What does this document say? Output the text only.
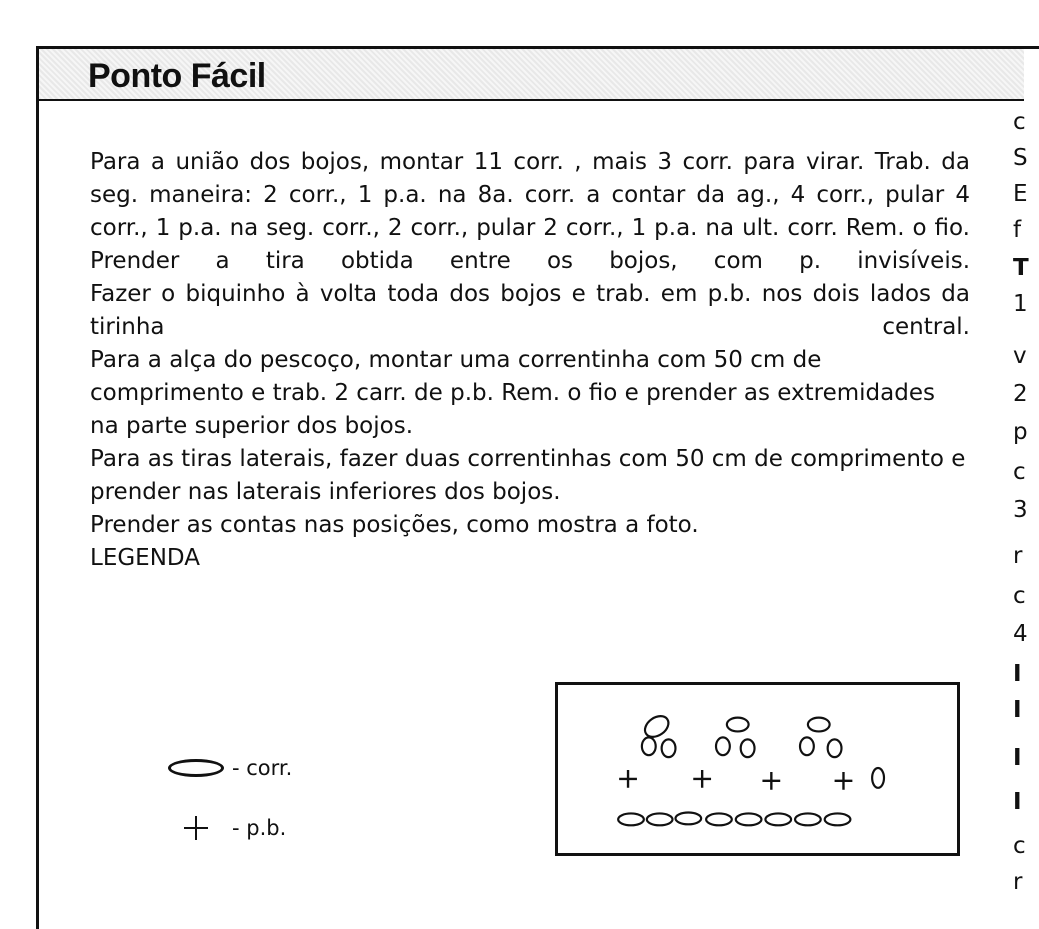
Ponto Fácil

Para a união dos bojos, montar 11 corr. , mais 3 corr. para virar. Trab. da seg. maneira: 2 corr., 1 p.a. na 8a. corr. a contar da ag., 4 corr., pular 4 corr., 1 p.a. na seg. corr., 2 corr., pular 2 corr., 1 p.a. na ult. corr. Rem. o fio. Prender a tira obtida entre os bojos, com p. invisíveis.

Fazer o biquinho à volta toda dos bojos e trab. em p.b. nos dois lados da tirinha central.

Para a alça do pescoço, montar uma correntinha com 50 cm de comprimento e trab. 2 carr. de p.b. Rem. o fio e prender as extremidades na parte superior dos bojos.

Para as tiras laterais, fazer duas correntinhas com 50 cm de comprimento e prender nas laterais inferiores dos bojos.

Prender as contas nas posições, como mostra a foto.

LEGENDA

- corr.
- p.b.
c
S
E
f
T
1
v
2
p
c
3
r
c
4
I
I
I
I
c
r
